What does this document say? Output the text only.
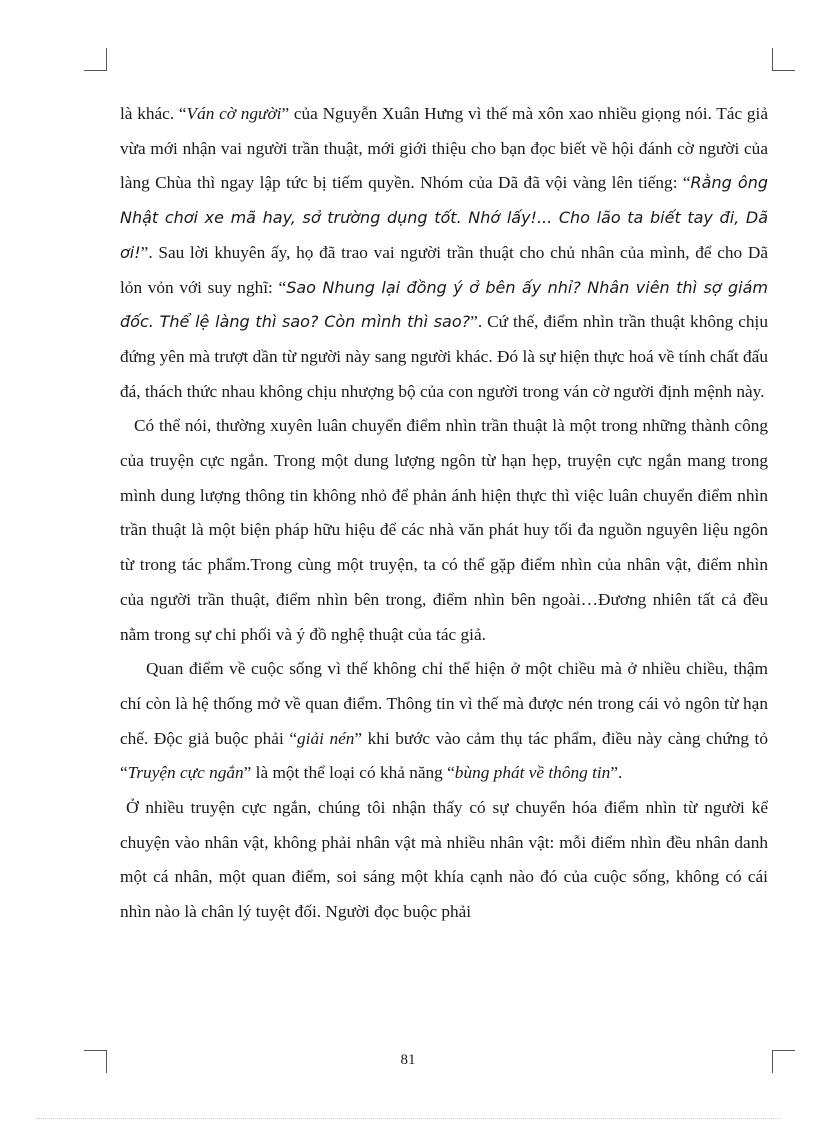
là khác. “Ván cờ người” của Nguyễn Xuân Hưng vì thế mà xôn xao nhiều giọng nói. Tác giả vừa mới nhận vai người trần thuật, mới giới thiệu cho bạn đọc biết về hội đánh cờ người của làng Chùa thì ngay lập tức bị tiếm quyền. Nhóm của Dã đã vội vàng lên tiếng: “Rằng ông Nhật chơi xe mã hay, sở trường dụng tốt. Nhớ lấy!... Cho lão ta biết tay đi, Dã ơi!”. Sau lời khuyên ấy, họ đã trao vai người trần thuật cho chủ nhân của mình, để cho Dã lỏn vỏn với suy nghĩ: “Sao Nhung lại đồng ý ở bên ấy nhỉ? Nhân viên thì sợ giám đốc. Thể lệ làng thì sao? Còn mình thì sao?”. Cứ thế, điểm nhìn trần thuật không chịu đứng yên mà trượt dần từ người này sang người khác. Đó là sự hiện thực hoá về tính chất đấu đá, thách thức nhau không chịu nhượng bộ của con người trong ván cờ người định mệnh này.

Có thể nói, thường xuyên luân chuyển điểm nhìn trần thuật là một trong những thành công của truyện cực ngắn. Trong một dung lượng ngôn từ hạn hẹp, truyện cực ngắn mang trong mình dung lượng thông tin không nhỏ để phản ánh hiện thực thì việc luân chuyển điểm nhìn trần thuật là một biện pháp hữu hiệu để các nhà văn phát huy tối đa nguồn nguyên liệu ngôn từ trong tác phẩm.Trong cùng một truyện, ta có thể gặp điểm nhìn của nhân vật, điểm nhìn của người trần thuật, điểm nhìn bên trong, điểm nhìn bên ngoài…Đương nhiên tất cả đều nằm trong sự chi phối và ý đồ nghệ thuật của tác giả.

Quan điểm về cuộc sống vì thế không chỉ thể hiện ở một chiều mà ở nhiều chiều, thậm chí còn là hệ thống mở về quan điểm. Thông tin vì thế mà được nén trong cái vỏ ngôn từ hạn chế. Độc giả buộc phải “giải nén” khi bước vào cảm thụ tác phẩm, điều này càng chứng tỏ “Truyện cực ngắn” là một thể loại có khả năng “bùng phát về thông tin”.

Ở nhiều truyện cực ngắn, chúng tôi nhận thấy có sự chuyển hóa điểm nhìn từ người kể chuyện vào nhân vật, không phải nhân vật mà nhiều nhân vật: mỗi điểm nhìn đều nhân danh một cá nhân, một quan điểm, soi sáng một khía cạnh nào đó của cuộc sống, không có cái nhìn nào là chân lý tuyệt đối. Người đọc buộc phải

81
